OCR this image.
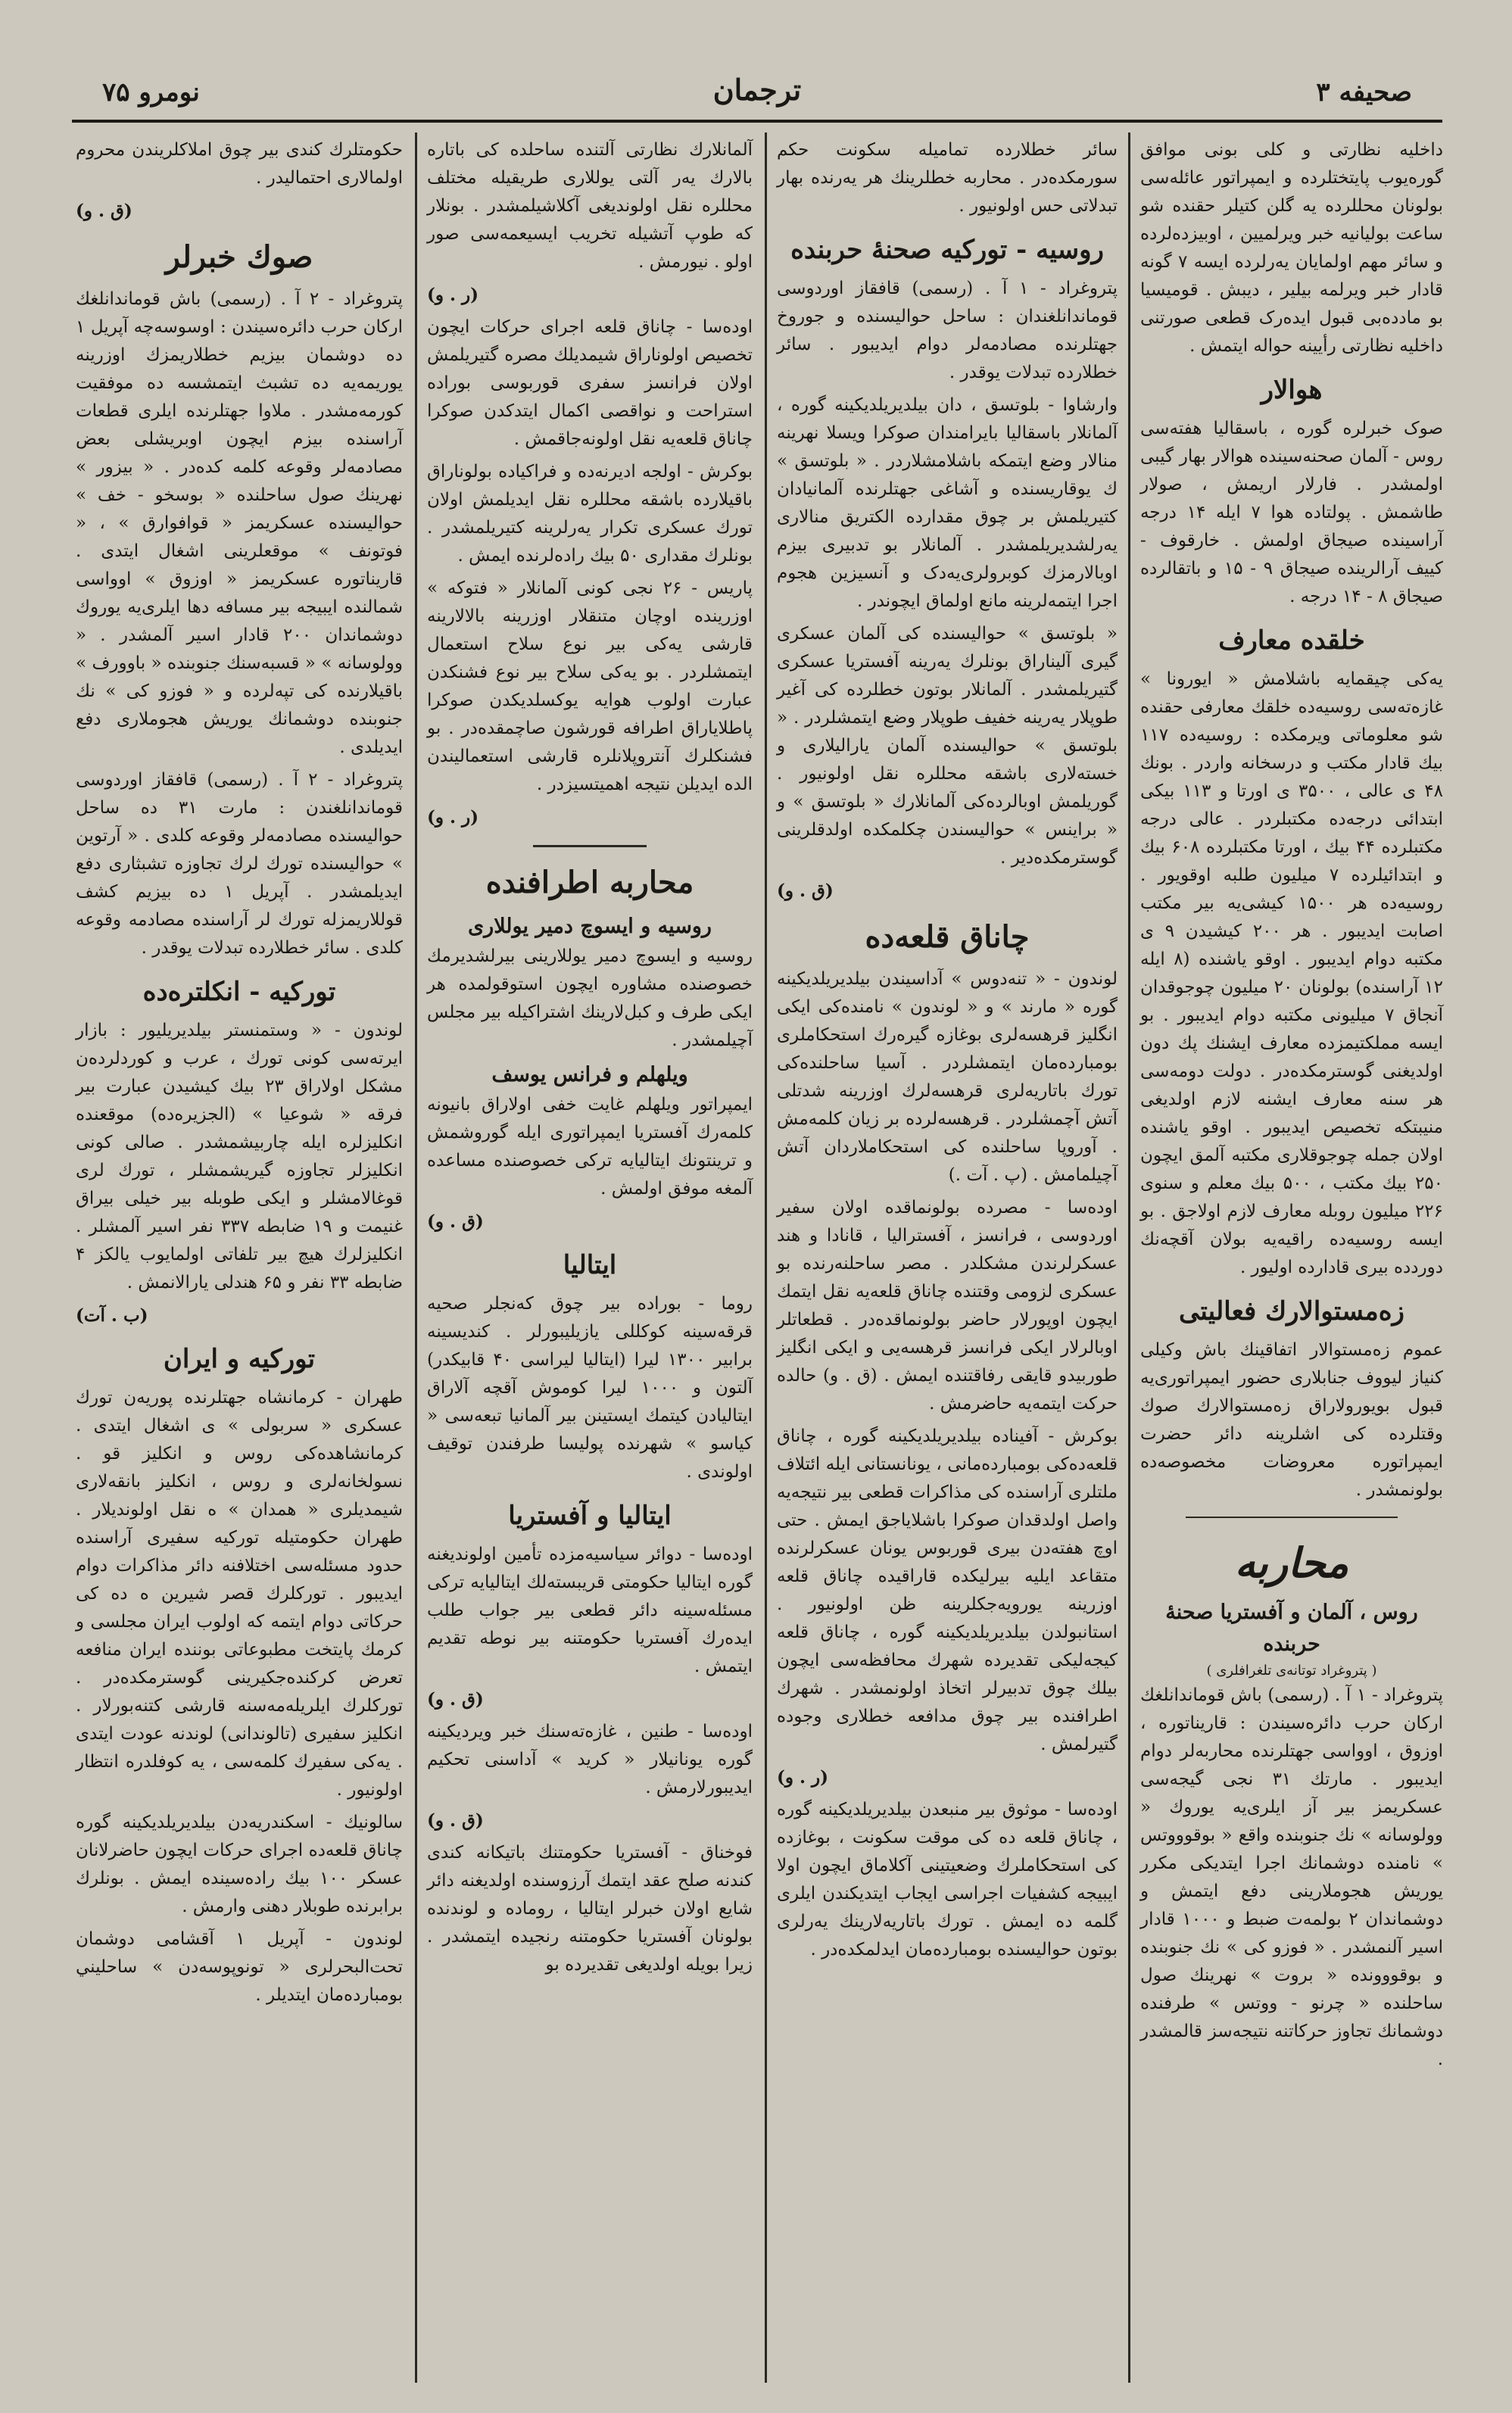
نومرو ۷۵	ترجمان	صحیفه ۳

داخلیه نظارتی و کلی بونی موافق گوره‌یوب پایتختلرده و ایمپراتور عائله‌سی بولونان محللرده یه گلن کتیلر حقنده شو ساعت بولیانیه خبر ویرلمیین ، اوبیزده‌لرده و سائر مهم اولمایان یه‌رلرده ایسه ۷ گونه قادار خبر ویرلمه بیلیر ، دیبش . قومیسیا بو مادده‌بی قبول ایده‌رک قطعی صورتنی داخلیه نظارتی رأیینه حواله ایتمش .

هوالار

صوک خبرلره گوره ، باسقالیا هفته‌سی روس - آلمان صحنه‌سینده هوالار بهار گیبی اولمشدر . فارلار اریمش ، صولار طاشمش . پولتاده هوا ۷ ایله ۱۴ درجه آراسینده صیجاق اولمش . خارقوف - کییف آرالرینده صیجاق ۹ - ۱۵ و باتقالرده صیجاق ۸ - ۱۴ درجه .

خلقده معارف

یه‌کی چیقمایه باشلامش « ایورونا » غازه‌ته‌سی روسیه‌ده خلقك معارفی حقنده شو معلوماتی ویرمکده : روسیه‌ده ۱۱۷ بیك قادار مکتب و درسخانه واردر . بونك ۴۸ ی عالی ، ۳۵۰۰ ی اورتا و ۱۱۳ بیکی ابتدائی درجه‌ده مکتبلردر . عالی درجه مکتبلرده ۴۴ بیك ، اورتا مکتبلرده ۶۰۸ بیك و ابتدائیلرده ۷ میلیون طلبه اوقویور . روسیه‌ده هر ۱۵۰۰ کیشی‌یه بیر مکتب اصابت ایدیبور . هر ۲۰۰ کیشیدن ۹ ی مکتبه دوام ایدیبور . اوقو یاشنده (۸ ایله ۱۲ آراسنده) بولونان ۲۰ میلیون چوجوقدان آنجاق ۷ میلیونی مکتبه دوام ایدیبور . بو ایسه مملکتیمزده معارف ایشنك پك دون اولدیغنی گوسترمکده‌در . دولت دومه‌سی هر سنه معارف ایشنه لازم اولدیغی منیبتکه تخصیص ایدیبور . اوقو یاشنده اولان جمله چوجوقلاری مکتبه آلمق ایچون ۲۵۰ بیك مکتب ، ۵۰۰ بیك معلم و سنوی ۲۲۶ میلیون روبله معارف لازم اولاجق . بو ایسه روسیه‌ده راقیه‌یه بولان آقچه‌نك دوردده بیری قادارده اولیور .

زه‌مستوالارك فعالیتی

عموم زه‌مستوالار اتفاقینك باش وکیلی کنیاز لیووف جنابلاری حضور ایمپراتوری‌یه قبول بویورولاراق زه‌مستوالارك صوك وقتلرده کی اشلرینه دائر حضرت ایمپراتوره معروضات مخصوصه‌ده بولونمشدر .

محاربه
روس ، آلمان و آفستریا صحنهٔ حربنده
( پتروغراد توتانه‌ی تلغرافلری )

پتروغراد - ۱ آ . (رسمی) باش قوماندانلغك ارکان حرب دائره‌سیندن : قاریناتوره ، اوزوق ، اوواسی جهتلرنده محاربه‌لر دوام ایدیبور . مارتك ۳۱ نجی گیجه‌سی عسکریمز بیر آز ایلری‌یه یوروك « وولوسانه » نك جنوبنده واقع « بوقوووتس » نامنده دوشمانك اجرا ایتدیکی مکرر یوریش هجوملارینی دفع ایتمش و دوشماندان ۲ بولمه‌ت ضبط و ۱۰۰۰ قادار اسیر آلنمشدر . « فوزو کی » نك جنوبنده و بوقووونده « بروت » نهرینك صول ساحلنده « چرنو - ووتس » طرفنده دوشمانك تجاوز حرکاتنه نتیجه‌سز قالمشدر .

سائر خطلارده تمامیله سکونت حکم سورمکده‌در . محاربه خطلرینك هر یه‌رنده بهار تبدلاتی حس اولونیور .

روسیه - تورکیه صحنهٔ حربنده

پتروغراد - ۱ آ . (رسمی) قافقاز اوردوسی قوماندانلغندان : ساحل حوالیسنده و جوروخ جهتلرنده مصادمه‌لر دوام ایدیبور . سائر خطلارده تبدلات یوقدر .

وارشاوا - بلوتسق ، دان بیلدیریلدیکینه گوره ، آلمانلار باسقالیا بایرامندان صوکرا ویسلا نهرینه منالار وضع ایتمکه باشلامشلاردر . « بلوتسق » ك یوقاریسنده و آشاغی جهتلرنده آلمانیادان کتیریلمش بر چوق مقدارده الکتریق منالاری یه‌رلشدیریلمشدر . آلمانلار بو تدبیری بیزم اوبالارمزك کوبرولری‌یه‌دک و آنسیزین هجوم اجرا ایتمه‌لرینه مانع اولماق ایچوندر .

« بلوتسق » حوالیسنده کی آلمان عسکری گیری آلیناراق بونلرك یه‌رینه آفستریا عسکری گتیریلمشدر . آلمانلار بوتون خطلرده کی آغیر طوپلار یه‌رینه خفیف طوپلار وضع ایتمشلردر . « بلوتسق » حوالیسنده آلمان یارالیلاری و خسته‌لاری باشقه محللره نقل اولونیور . گوریلمش اوبالرده‌کی آلمانلارك « بلوتسق » و « براینس » حوالیسندن چکلمکده اولدقلرینی گوسترمکده‌دیر .

(ق . و)

چاناق قلعه‌ده

لوندون - « تنه‌دوس » آداسیندن بیلدیریلدیکینه گوره « مارند » و « لوندون » نامنده‌کی ایکی انگلیز قرهسه‌لری بوغازه گیره‌رك استحکاملری بومبارده‌مان ایتمشلردر . آسیا ساحلنده‌کی تورك باتاریه‌لری قرهسه‌لرك اوزرینه شدتلی آتش آچمشلردر . قرهسه‌لرده بر زیان کلمه‌مش . آوروپا ساحلنده کی استحکاملاردان آتش آچیلمامش . (پ . آت .)

اوده‌سا - مصرده بولونماقده اولان سفیر اوردوسی ، فرانسز ، آفستراليا ، قانادا و هند عسکرلرندن مشکلدر . مصر ساحلنه‌رنده بو عسکری لزومی وقتنده چاناق قلعه‌یه نقل ایتمك ایچون اوپورلار حاضر بولونماقده‌در . قطعاتلر اوبالرلار ایکی فرانسز قرهسه‌یی و ایکی انگلیز طوربیدو قایقی رفاقتنده ایمش . (ق . و) حالده حرکت ایتمه‌یه حاضرمش .

بوکرش - آفیناده بیلدیریلدیکینه گوره ، چاناق قلعه‌ده‌کی بومبارده‌مانی ، یونانستانی ایله ائتلاف ملتلری آراسنده کی مذاکرات قطعی بیر نتیجه‌یه واصل اولدقدان صوکرا باشلایاجق ایمش . حتی اوچ هفته‌دن بیری قوربوس یونان عسکرلرنده متقاعد ایلیه بیرلیکده قاراقیده چاناق قلعه اوزرینه یورویه‌جکلرینه ظن اولونیور . استانبولدن بیلدیریلدیکینه گوره ، چاناق قلعه کیجه‌لیکی تقدیرده شهرك محافظه‌سی ایچون بیلك چوق تدبیرلر اتخاذ اولونمشدر . شهرك اطرافنده بیر چوق مدافعه خطلاری وجوده گتیرلمش .

(ر . و)

اوده‌سا - موثوق بیر منبعدن بیلدیریلدیکینه گوره ، چاناق قلعه ده کی موقت سکونت ، بوغازده کی استحکاملرك وضعیتینی آکلاماق ایچون اولا ایبیجه کشفیات اجراسی ایجاب ایتدیکندن ایلری گلمه ده ایمش . تورك باتاریه‌لارینك یه‌رلری بوتون حوالیسنده بومبارده‌مان ایدلمکده‌در .

آلمانلارك نظارتی آلتنده ساحلده کی باتاره بالارك یه‌ر آلتی یوللاری طریقیله مختلف محللره نقل اولوندیغی آکلاشیلمشدر . بونلار که طوپ آتشیله تخریب ایسیعمه‌سی صور اولو . نیورمش .

(ر . و)

اوده‌سا - چاناق قلعه اجرای حرکات ایچون تخصیص اولوناراق شیمدیلك مصره گتیریلمش اولان فرانسز سفری قوربوسی بوراده استراحت و نواقصی اکمال ایتدکدن صوکرا چاناق قلعه‌یه نقل اولونه‌جاقمش .

بوکرش - اولجه ادیرنه‌ده و فراکیاده بولوناراق باقیلارده باشقه محللره نقل ایدیلمش اولان تورك عسکری تکرار یه‌رلرینه کتیریلمشدر . بونلرك مقداری ۵۰ بیك راده‌لرنده ایمش .

پاریس - ۲۶ نجی کونی آلمانلار « فتوکه » اوزرینده اوچان متنقلار اوزرینه بالالارینه قارشی یه‌کی بیر نوع سلاح استعمال ایتمشلردر . بو یه‌کی سلاح بیر نوع فشنکدن عبارت اولوب هوایه یوکسلدیکدن صوکرا پاطلایاراق اطرافه قورشون صاچمقده‌در . بو فشنکلرك آنتروپلانلره قارشی استعمالیندن الده ایدیلن نتیجه اهمیتسیزدر .

(ر . و)

محاربه اطرافنده
روسیه و ایسوچ دمیر یوللاری

روسیه و ایسوچ دمیر یوللارینی بیرلشدیرمك خصوصنده مشاوره ایچون استوقولمده هر ایکی طرف و کبل‌لارینك اشتراکیله بیر مجلس آچیلمشدر .

ویلهلم و فرانس یوسف

ایمپراتور ویلهلم غایت خفی اولاراق بانیونه کلمه‌رك آفستریا ایمپراتوری ایله گوروشمش و ترینتونك ایتالیایه ترکی خصوصنده مساعده آلمغه موفق اولمش .

(ق . و)

ایتالیا

روما - بوراده بیر چوق که‌نجلر صحیه قرقه‌سینه کوکللی یازیلیبورلر . کندیسینه برابیر ۱۳۰۰ لیرا (ایتالیا لیراسی ۴۰ قابیکدر) آلتون و ۱۰۰۰ لیرا کوموش آقچه آلاراق ایتالیادن کیتمك ایستینن بیر آلمانیا تبعه‌سی « کیاسو » شهرنده پولیسا طرفندن توقیف اولوندی .

ایتالیا و آفستریا

اوده‌سا - دوائر سیاسیه‌مزده تأمین اولوندیغنه گوره ایتالیا حکومتی قریبسته‌لك ایتالیایه ترکی مسئله‌سینه دائر قطعی بیر جواب طلب ایده‌رك آفستریا حکومتنه بیر نوطه تقدیم ایتمش .

(ق . و)

اوده‌سا - طنین ، غازه‌ته‌سنك خبر ویردیکینه گوره یونانیلار « کرید » آداسنی تحکیم ایدیبورلارمش .

(ق . و)

فوخناق - آفستریا حکومتنك باتیکانه کندی کندنه صلح عقد ایتمك آرزوسنده اولدیغنه دائر شایع اولان خبرلر ایتالیا ، روماده و لوندنده بولونان آفستریا حکومتنه رنجیده ایتمشدر . زیرا بویله اولدیغی تقدیرده بو

حکومتلرك کندی بیر چوق املاکلریندن محروم اولمالاری احتمالیدر .

(ق . و)

صوك خبرلر

پتروغراد - ۲ آ . (رسمی) باش قوماندانلغك ارکان حرب دائره‌سیندن : اوسوسه‌چه آپریل ۱ ده دوشمان بیزیم خطلاریمزك اوزرینه یوریمه‌یه ده تشبث ایتمشسه ده موفقیت کورمه‌مشدر . ملاوا جهتلرنده ایلری قطعات آراسنده بیزم ایچون اوبریشلی بعض مصادمه‌لر وقوعه کلمه کده‌در . « بیزور » نهرینك صول ساحلنده « بوسخو - خف » حوالیسنده عسکریمز « قوافوارق » ، « فوتونف » موقعلرینی اشغال ایتدی . قاریناتوره عسکریمز « اوزوق » اوواسی شمالنده ایبیجه بیر مسافه دها ایلری‌یه یوروك دوشماندان ۲۰۰ قادار اسیر آلمشدر . « وولوسانه » « قسبه‌سنك جنوبنده « باوورف » باقیلارنده کی تپه‌لرده و « فوزو کی » نك جنوبنده دوشمانك یوریش هجوملاری دفع ایدیلدی .

پتروغراد - ۲ آ . (رسمی) قافقاز اوردوسی قوماندانلغندن : مارت ۳۱ ده ساحل حوالیسنده مصادمه‌لر وقوعه کلدی . « آرتوین » حوالیسنده تورك لرك تجاوزه تشبثاری دفع ایدیلمشدر . آپریل ۱ ده بیزیم کشف قوللاریمزله تورك لر آراسنده مصادمه وقوعه کلدی . سائر خطلارده تبدلات یوقدر .

تورکیه - انکلتره‌ده

لوندون - « وستمنستر بیلدیریلیور : بازار ایرته‌سی کونی تورك ، عرب و کوردلرده‌ن مشکل اولاراق ۲۳ بیك کیشیدن عبارت بیر فرقه « شوعیا » (الجزیره‌ده) موقعنده انکلیزلره ایله چاربیشمشدر . صالی کونی انکلیزلر تجاوزه گیریشمشلر ، تورك لری قوغالامشلر و ایکی طوبله بیر خیلی بیراق غنیمت و ۱۹ ضابطه ۳۳۷ نفر اسیر آلمشلر . انکلیزلرك هیچ بیر تلفاتی اولمایوب یالکز ۴ ضابطه ۳۳ نفر و ۶۵ هندلی یارالانمش .

(ب . آت)

تورکیه و ایران

طهران - کرمانشاه جهتلرنده پوریه‌ن تورك عسکری « سربولی » ی اشغال ایتدی . کرمانشاهده‌کی روس و انکلیز قو . نسولخانه‌لری و روس ، انکلیز بانقه‌لاری شیمدیلری « همدان » ه نقل اولوندیلار . طهران حکومتیله تورکیه سفیری آراسنده حدود مسئله‌سی اختلافنه دائر مذاکرات دوام ایدیبور . تورکلرك قصر شیرین ه ده کی حرکاتی دوام ایتمه که اولوب ایران مجلسی و کرمك پایتخت مطبوعاتی بوننده ایران منافعه تعرض کرکنده‌جکیرینی گوسترمکده‌در . تورکلرك ایلریله‌مه‌سنه قارشی کتنه‌بورلار . انکلیز سفیری (تالوندانی) لوندنه عودت ایتدی . یه‌کی سفیرك کلمه‌سی ، یه کوفلدره انتظار اولونیور .

سالونیك - اسکندریه‌دن بیلدیریلدیکینه گوره چاناق قلعه‌ده اجرای حرکات ایچون حاضرلانان عسکر ۱۰۰ بیك راده‌سینده ایمش . بونلرك برابرنده طوبلار دهنی وارمش .

لوندون - آپریل ۱ آقشامی دوشمان تحت‌البحرلری « تونوپوسه‌دن » ساحلیني بومبارده‌مان ایتدیلر .
